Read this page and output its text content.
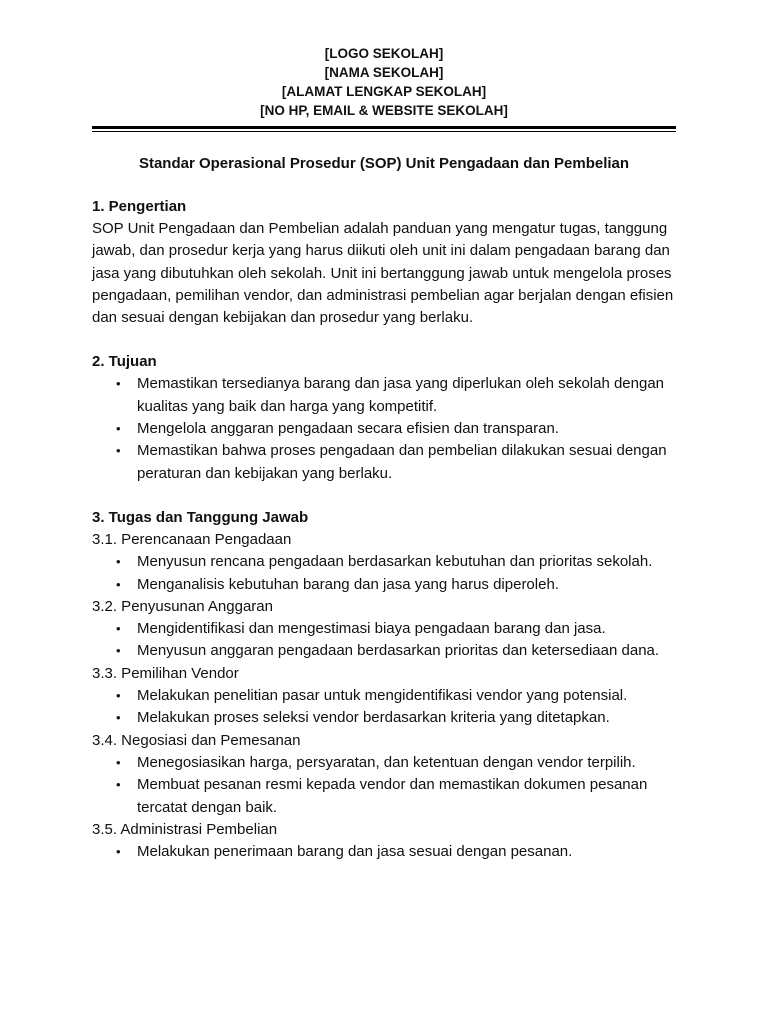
[LOGO SEKOLAH]
[NAMA SEKOLAH]
[ALAMAT LENGKAP SEKOLAH]
[NO HP, EMAIL & WEBSITE SEKOLAH]
Standar Operasional Prosedur (SOP) Unit Pengadaan dan Pembelian
1. Pengertian
SOP Unit Pengadaan dan Pembelian adalah panduan yang mengatur tugas, tanggung jawab, dan prosedur kerja yang harus diikuti oleh unit ini dalam pengadaan barang dan jasa yang dibutuhkan oleh sekolah. Unit ini bertanggung jawab untuk mengelola proses pengadaan, pemilihan vendor, dan administrasi pembelian agar berjalan dengan efisien dan sesuai dengan kebijakan dan prosedur yang berlaku.
2. Tujuan
• Memastikan tersedianya barang dan jasa yang diperlukan oleh sekolah dengan kualitas yang baik dan harga yang kompetitif.
• Mengelola anggaran pengadaan secara efisien dan transparan.
• Memastikan bahwa proses pengadaan dan pembelian dilakukan sesuai dengan peraturan dan kebijakan yang berlaku.
3. Tugas dan Tanggung Jawab
3.1. Perencanaan Pengadaan
• Menyusun rencana pengadaan berdasarkan kebutuhan dan prioritas sekolah.
• Menganalisis kebutuhan barang dan jasa yang harus diperoleh.
3.2. Penyusunan Anggaran
• Mengidentifikasi dan mengestimasi biaya pengadaan barang dan jasa.
• Menyusun anggaran pengadaan berdasarkan prioritas dan ketersediaan dana.
3.3. Pemilihan Vendor
• Melakukan penelitian pasar untuk mengidentifikasi vendor yang potensial.
• Melakukan proses seleksi vendor berdasarkan kriteria yang ditetapkan.
3.4. Negosiasi dan Pemesanan
• Menegosiasikan harga, persyaratan, dan ketentuan dengan vendor terpilih.
• Membuat pesanan resmi kepada vendor dan memastikan dokumen pesanan tercatat dengan baik.
3.5. Administrasi Pembelian
• Melakukan penerimaan barang dan jasa sesuai dengan pesanan.
